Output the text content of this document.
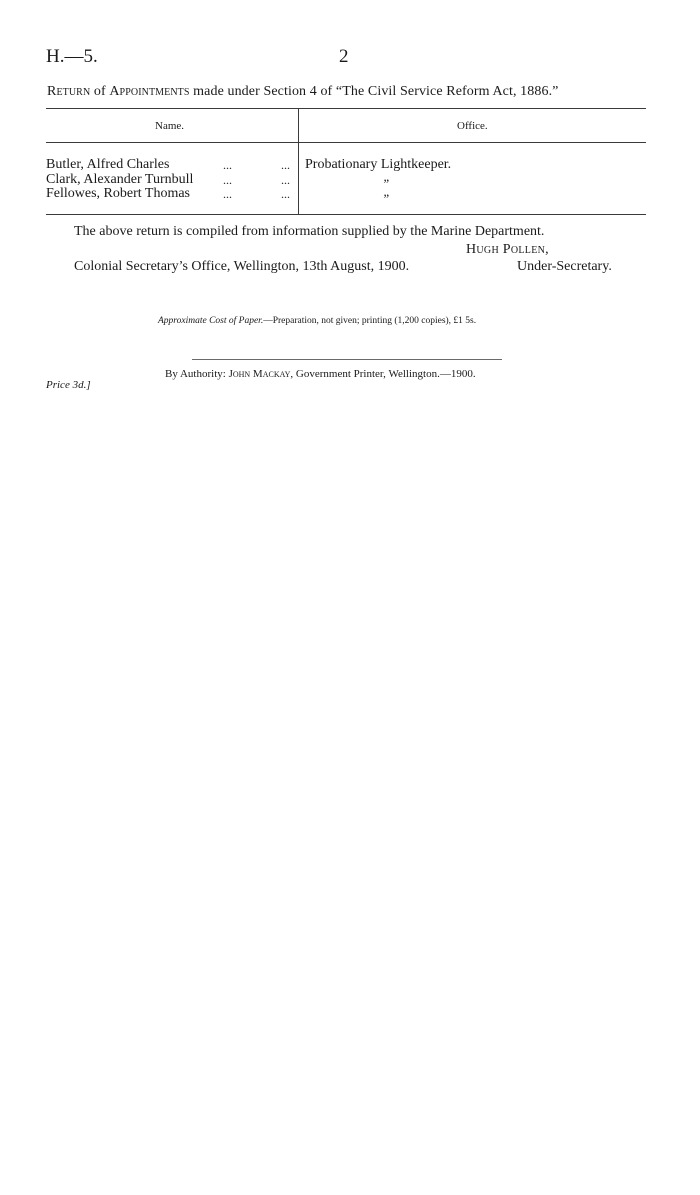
H.—5.	2
Return of Appointments made under Section 4 of “The Civil Service Reform Act, 1886.”
Name.	Office.
Butler, Alfred Charles	...	... Probationary Lightkeeper.
Clark, Alexander Turnbull ...	...	”
Fellowes, Robert Thomas	...	...	”
The above return is compiled from information supplied by the Marine Department.
Hugh Pollen,
Colonial Secretary’s Office, Wellington, 13th August, 1900.	Under-Secretary.
Approximate Cost of Paper.—Preparation, not given; printing (1,200 copies), £1 5s.
By Authority: John Mackay, Government Printer, Wellington.—1900.
Price 3d.]
